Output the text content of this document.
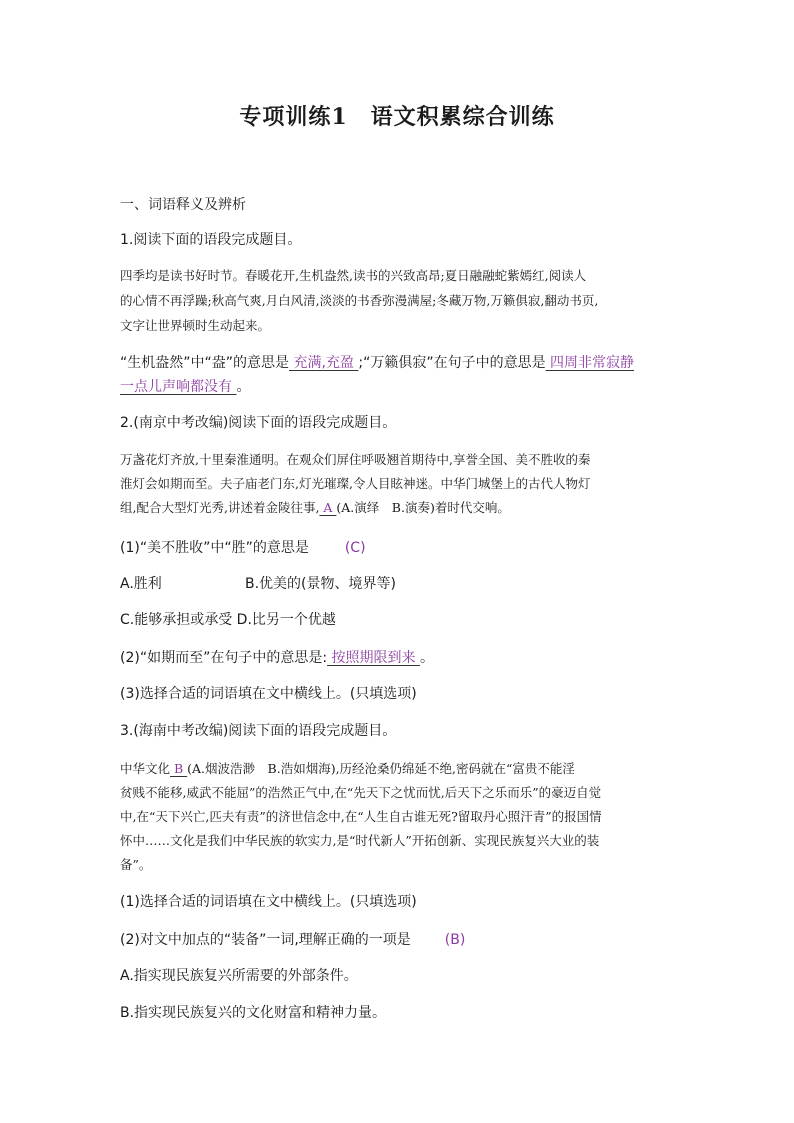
专项训练1　语文积累综合训练
一、词语释义及辨析
1.阅读下面的语段完成题目。
四季均是读书好时节。春暖花开,生机盎然,读书的兴致高昂;夏日融融蛇紫嫣红,阅读人
的心情不再浮躁;秋高气爽,月白风清,淡淡的书香弥漫满屋;冬藏万物,万籁俱寂,翻动书页,
文字让世界顿时生动起来。
“生机盎然”中“盎”的意思是 充满,充盈 ;“万籁俱寂”在句子中的意思是 四周非常寂静
一点儿声响都没有 。
2.(南京中考改编)阅读下面的语段完成题目。
万盏花灯齐放,十里秦淮通明。在观众们屏住呼吸翘首期待中,享誉全国、美不胜收的秦
淮灯会如期而至。夫子庙老门东,灯光璀璨,令人目眩神迷。中华门城堡上的古代人物灯
组,配合大型灯光秀,讲述着金陵往事, A (A.演绎　B.演奏)着时代交响。
(1)“美不胜收”中“胜”的意思是	(C)
A.胜利	B.优美的(景物、境界等)
C.能够承担或承受 D.比另一个优越
(2)“如期而至”在句子中的意思是: 按照期限到来 。
(3)选择合适的词语填在文中横线上。(只填选项)
3.(海南中考改编)阅读下面的语段完成题目。
中华文化 B (A.烟波浩渺　B.浩如烟海),历经沧桑仍绵延不绝,密码就在“富贵不能淫
贫贱不能移,威武不能屈”的浩然正气中,在“先天下之忧而忧,后天下之乐而乐”的豪迈自觉
中,在“天下兴亡,匹夫有责”的济世信念中,在“人生自古谁无死?留取丹心照汗青”的报国情
怀中……文化是我们中华民族的软实力,是“时代新人”开拓创新、实现民族复兴大业的装
备”。
(1)选择合适的词语填在文中横线上。(只填选项)
(2)对文中加点的“装备”一词,理解正确的一项是 (B)
A.指实现民族复兴所需要的外部条件。
B.指实现民族复兴的文化财富和精神力量。
